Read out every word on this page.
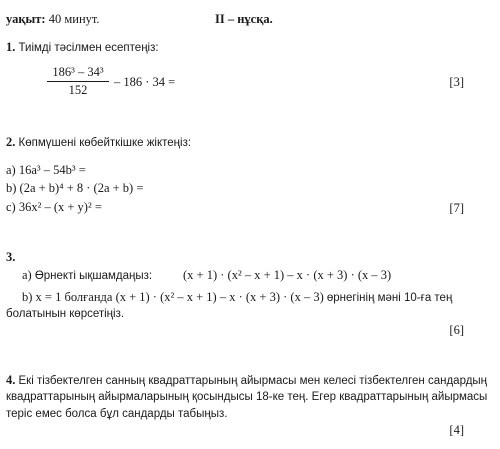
уақыт: 40 минут.	II – нұсқа.
1. Тиімді тәсілмен есептеңіз:
186³ – 34³
152
– 186 · 34 =	[3]
2. Көпмүшені көбейткішке жіктеңіз:
a) 16a³ – 54b³ =
b) (2a + b)⁴ + 8 · (2a + b) =
c) 36x² – (x + y)² =	[7]
3.
а) Өрнекті ықшамдаңыз: (x + 1) · (x² – x + 1) – x · (x + 3) · (x – 3)
b) x = 1 болғанда (x + 1) · (x² – x + 1) – x · (x + 3) · (x – 3) өрнегінің мәні 10-ға тең
болатынын көрсетіңіз.
[6]
4. Екі тізбектелген санның квадраттарының айырмасы мен келесі тізбектелген сандардың
квадраттарының айырмаларының қосындысы 18-ке тең. Егер квадраттарының айырмасы
теріс емес болса бұл сандарды табыңыз.
[4]
